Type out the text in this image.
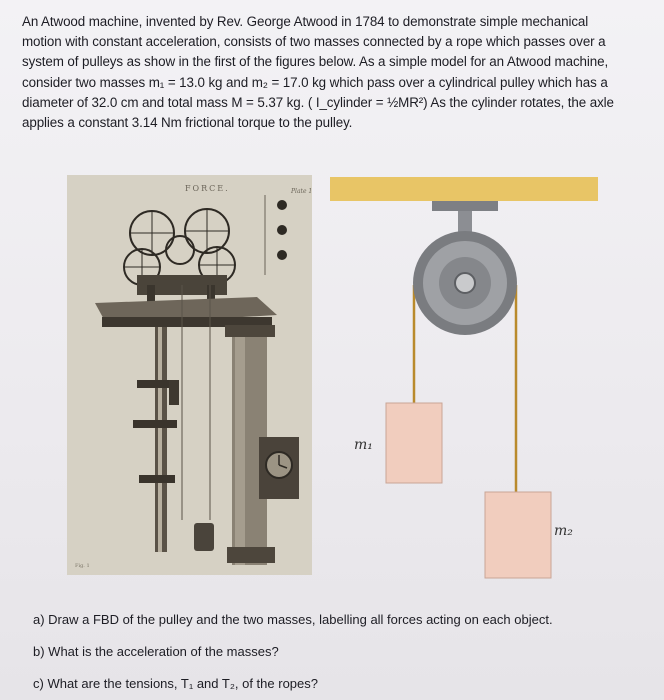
An Atwood machine, invented by Rev. George Atwood in 1784 to demonstrate simple mechanical
motion with constant acceleration, consists of two masses connected by a rope which passes over a
system of pulleys as show in the first of the figures below. As a simple model for an Atwood machine,
consider two masses m₁ = 13.0 kg and m₂ = 17.0 kg which pass over a cylindrical pulley which has a
diameter of 32.0 cm and total mass M = 5.37 kg. ( I_cylinder = ½MR²) As the cylinder rotates, the axle
applies a constant 3.14 Nm frictional torque to the pulley.
FORCE.	Plate 1
Fig. 1
m₁
m₂
a) Draw a FBD of the pulley and the two masses, labelling all forces acting on each object.
b) What is the acceleration of the masses?
c) What are the tensions, T₁ and T₂, of the ropes?
